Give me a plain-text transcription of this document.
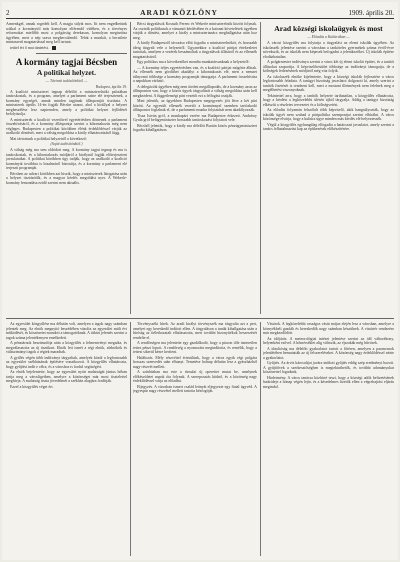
2	ARADI KÖZLÖNY	1909. április 20.

Armenkgel, annak rogedelt kell. A magja súlyát mos. Itt nem engedhetünk sokkal a kormánytól más komolyan elférendő vidéken, és a törvényes reformokat mielőbb most a polgárság derekasan, komolyan megtartása ügyében, mert a nép szava megbecsülendő. Tehát a munkát, a becsülete mintaszerű magatartással meg kell tartani.

tetttel ért ő mai tüntetést.

A kormány tagjai Bécsben
A politikai helyzet.
— Távirati tudósítónktól —
Budapest, április 19.

A koalíció miniszterei tegnap délelőtt a miniszterelnöki palotában tanácskoztak, és a program, amelyet a parlament színe elé terjesztenek, a kormány egységét, annak minden tagjának álláspontját tisztázta. A miniszterek április 14-én fogják Bécsbe utazni, ahol a királlyal a helyzet megbeszélése lesz napirenden, amely a politikai helyzet fejlődését befolyásolja.

A miniszterek a koalíció vezetőivel egyetértésben döntenek a parlament összehívásáról, és a kormány álláspontja szerint a kibontakozás még nem végleges. Budapesten a politikai körökben élénk érdeklődéssel várják az uralkodó döntését, mert a válság megoldása a király elhatározásától függ.

Mai táviratunk a politikai helyzetről a következő:

(Saját tudósítónktól.)

A válság még ma sem oldódott meg. A kormány tagjai tegnap és ma is tanácskoztak, és a kibontakozás módjáról a királynál fogják előterjeszteni javaslataikat. A politikai körökben úgy tudják, hogy az uralkodó a koalíció kormányát továbbra is bizalmáról biztosítja, és a kormány a parlament elé terjeszti programját.

Bécsben az udvari körökben azt hiszik, hogy a miniszterek látogatása után a helyzet tisztázódik, és a magyar kérdés megoldást nyer. A Wekerle-kormány lemondása ezidő szerint nem aktuális.

Bécsi tárgyalások Kossuth Ferenc és Wekerle miniszterelnök között folynak. Az osztrák politikusok a vámunió kérdésében és a katonai követelések ügyében várják a döntést, amelyet a király a minisztertanács meghallgatása után hoz meg.

A király Budapestről távozása előtt fogadta a miniszterelnököt, és hosszabb ideig tárgyalt vele a helyzetről. Ugyanekkor a koalíció pártjai értekezletet tartottak, amelyen a vezérek beszámoltak a tárgyalások állásáról és az ellenzék magatartásáról.

Egy politikus ma a következőket mondta munkatársunknak a helyzetről:

— A kormány teljes egyetértésben van, és a koalíció pártjai mögötte állnak. Az ellenzék nem gördíthet akadályt a kibontakozás elé, mert a nemzet túlnyomó többsége a kormány programját támogatja. A parlament összehívása a napokban várható.

A delegációk ügyében még nem történt megállapodás, de a kormány azon az állásponton van, hogy a közös ügyek tárgyalását a válság megoldása után kell megkezdeni. A függetlenségi párt vezetői ezt a felfogást osztják.

Mint jelentik, az ügyekben Budapesten megegyezés jött létre a két párt között. Az egyesült ellenzék vezetői a kormánnyal szemben tartózkodó álláspontot foglalnak el, de a parlamenti munka folytatását nem akadályozzák.

Tisza István gróf, a munkapárt vezére ma Budapestre érkezett. Andrássy Gyula gróf belügyminiszter hosszabb tanácskozást folytatott vele.

Bécsből jelentik, hogy a király ma délelőtt Burián közös pénzügyminisztert fogadta kihallgatáson.

Arad községi iskolaügyek és most
— Előadás a Kultúrában —

A városi közgyűlés ma folytatja a tárgyalást az elemi iskolák ügyében. Az iskolaszék jelentése szerint a városban a tanköteles gyermekek száma évről-évre növekszik, és az iskolák nem képesek befogadni a jelentkezőket. Új iskolák építése elodázhatatlan.

A polgármester indítványa szerint a város két új elemi iskolát építtet, és a tanítói állásokat szaporítja. A képviselőtestület többsége az indítványt támogatja, de a költségek fedezésének módjáról még vita folyik.

Az iskolaszék elnöke kijelentette, hogy a községi iskolák fejlesztése a város legfontosabb feladata. A tanügyi bizottság javaslatot dolgozott ki, amely szerint a tanítók fizetését is rendezni kell, mert a mostani illetmények nem felelnek meg a megélhetési viszonyoknak.

Tekintettel arra, hogy a tanítók helyzete tarthatatlan, a közgyűlés elhatározta, hogy a kérdést a legközelebbi ülésén újból tárgyalja. Addig a tanügyi bizottság elkészíti a részletes tervezetet és a költségvetést.

Az előadás folyamán felszólalt több képviselő, akik hangsúlyozták, hogy az iskolák ügyét nem szabad a pártpolitika szempontjai szerint elbírálni. A város közönsége elvárja, hogy a kultúra ügye minden más kérdés elé helyeztessék.

Végül a közgyűlés egyhangúlag elfogadta a határozati javaslatot, amely szerint a tanács felhatalmazást kap az építkezések előkészítésére.

Az egyesület közgyűlése ma délután volt, amelyen a tagok nagy számban jelentek meg. Az elnök megnyitó beszédében vázolta az egyesület múlt évi működését, és köszönetet mondott a támogatóknak. A titkári jelentés szerint a tagok száma jelentékenyen emelkedett.

A pénztárnok beszámolója után a közgyűlés a felmentvényt megadta, és megválasztotta az új tisztikart. Elnök lett ismét a régi elnök, alelnökök és választmányi tagok a régiek maradtak.

A gyűlés végén több indítványt tárgyaltak, amelyek közül a legfontosabb az egyesület székházának építésére vonatkozott. A közgyűlés elhatározta, hogy gyűjtést indít e célra, és a városhoz is fordul segítségért.

Az elnök bejelentette, hogy az egyesület nyári mulatságát június hóban tartja meg a városligetben, amelyre a közönséget már most tisztelettel meghívja. A mulatság tiszta jövedelmét a székház alapjára fordítják.

Ezzel a közgyűlés véget ért.

Törvényszéki hírek. Az aradi királyi törvényszék ma tárgyalta azt a pert, amelyet egy kereskedő indított ellen. A tárgyaláson a tanúk kihallgatása után a bíróság az ítélethozatalt elhalasztotta, mert további bizonyítékok beszerzését rendelte el.

A rendőrségen ma jelentette egy gazdálkodó, hogy a piacon tőle ismeretlen tettes pénzt lopott. A rendőrség a nyomozást megindította, és remélik, hogy a tettest sikerül kézre keríteni.

Halálozás. Mély részvéttel értesülünk, hogy a város egyik régi polgára hosszas szenvedés után elhunyt. Temetése holnap délután lesz a gyászházból nagy részvét mellett.

A színházban ma este a társulat új operettet mutat be, amelynek előkészületei napok óta folynak. A szereposztás kitűnő, és a közönség nagy érdeklődéssel várja az előadást.

Eljegyzés. A városban ismert család leányát eljegyezte egy fiatal ügyvéd. A jegyespár nagy részvétel mellett tartotta kézfogóját.

Vásárok. A legközelebbi országos vásár május elején lesz a városban, amelyre a környékbeli gazdák és kereskedők nagy számban készülnek. A vásártér rendezése már megkezdődött.

Az időjárás. A meteorológiai intézet jelentése szerint az idő változékony, helyenként esővel. A hőmérséklet alig változik, az éjszakák még hűvösek.

A tűzoltóság ma délelőtt gyakorlatot tartott a főtéren, amelyen a parancsnok jelenlétében bemutatták az új felszereléseket. A közönség nagy érdeklődéssel nézte a gyakorlatot.

Gyűjtés. Az árvíz károsultjai javára indított gyűjtés eddig szép eredményt hozott. A gyűjtőívek a szerkesztőségben is megtekinthetők, és további adományokat köszönettel fogadunk.

Hirdetmény. A város tanácsa közhírré teszi, hogy a községi adók befizetésének határideje a hónap végén lejár, és a késedelmes fizetők ellen a végrehajtási eljárás megindul.
